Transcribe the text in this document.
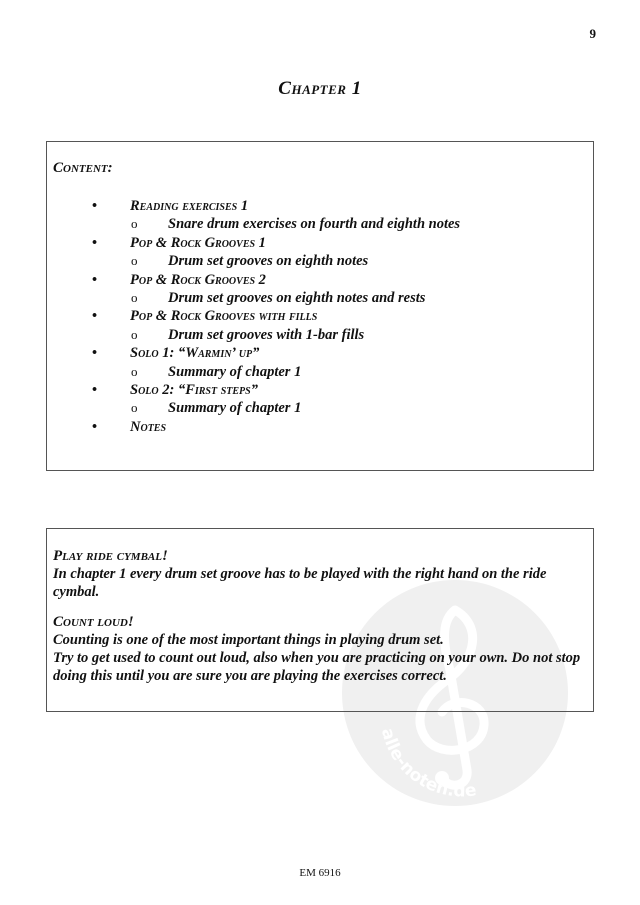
9
Chapter 1
Content:
• Reading exercises 1
o Snare drum exercises on fourth and eighth notes
• Pop & Rock Grooves 1
o Drum set grooves on eighth notes
• Pop & Rock Grooves 2
o Drum set grooves on eighth notes and rests
• Pop & Rock Grooves with fills
o Drum set grooves with 1-bar fills
• Solo 1: “Warmin’ up”
o Summary of chapter 1
• Solo 2: “First steps”
o Summary of chapter 1
• Notes
alle-noten.de

Play ride cymbal!

In chapter 1 every drum set groove has to be played with the right hand on the ride cymbal.

Count loud!

Counting is one of the most important things in playing drum set.

Try to get used to count out loud, also when you are practicing on your own. Do not stop doing this until you are sure you are playing the exercises correct.

EM 6916
